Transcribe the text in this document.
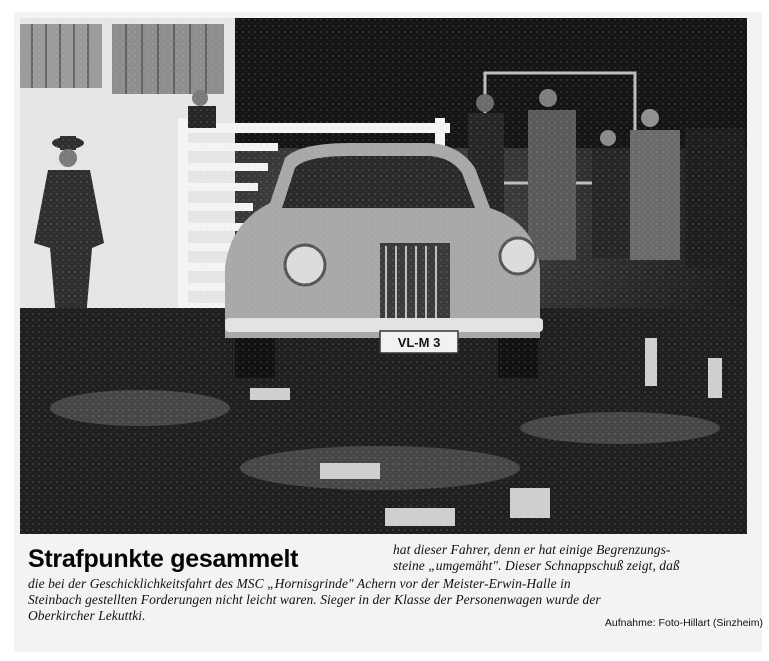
Strafpunkte gesammelt	hat dieser Fahrer, denn er hat einige Begrenzungs-
steine „umgemäht". Dieser Schnappschuß zeigt, daß
die bei der Geschicklichkeitsfahrt des MSC „Hornisgrinde" Achern vor der Meister-Erwin-Halle in
Steinbach gestellten Forderungen nicht leicht waren. Sieger in der Klasse der Personenwagen wurde der
Oberkircher Lekuttki.	Aufnahme: Foto-Hillart (Sinzheim)
